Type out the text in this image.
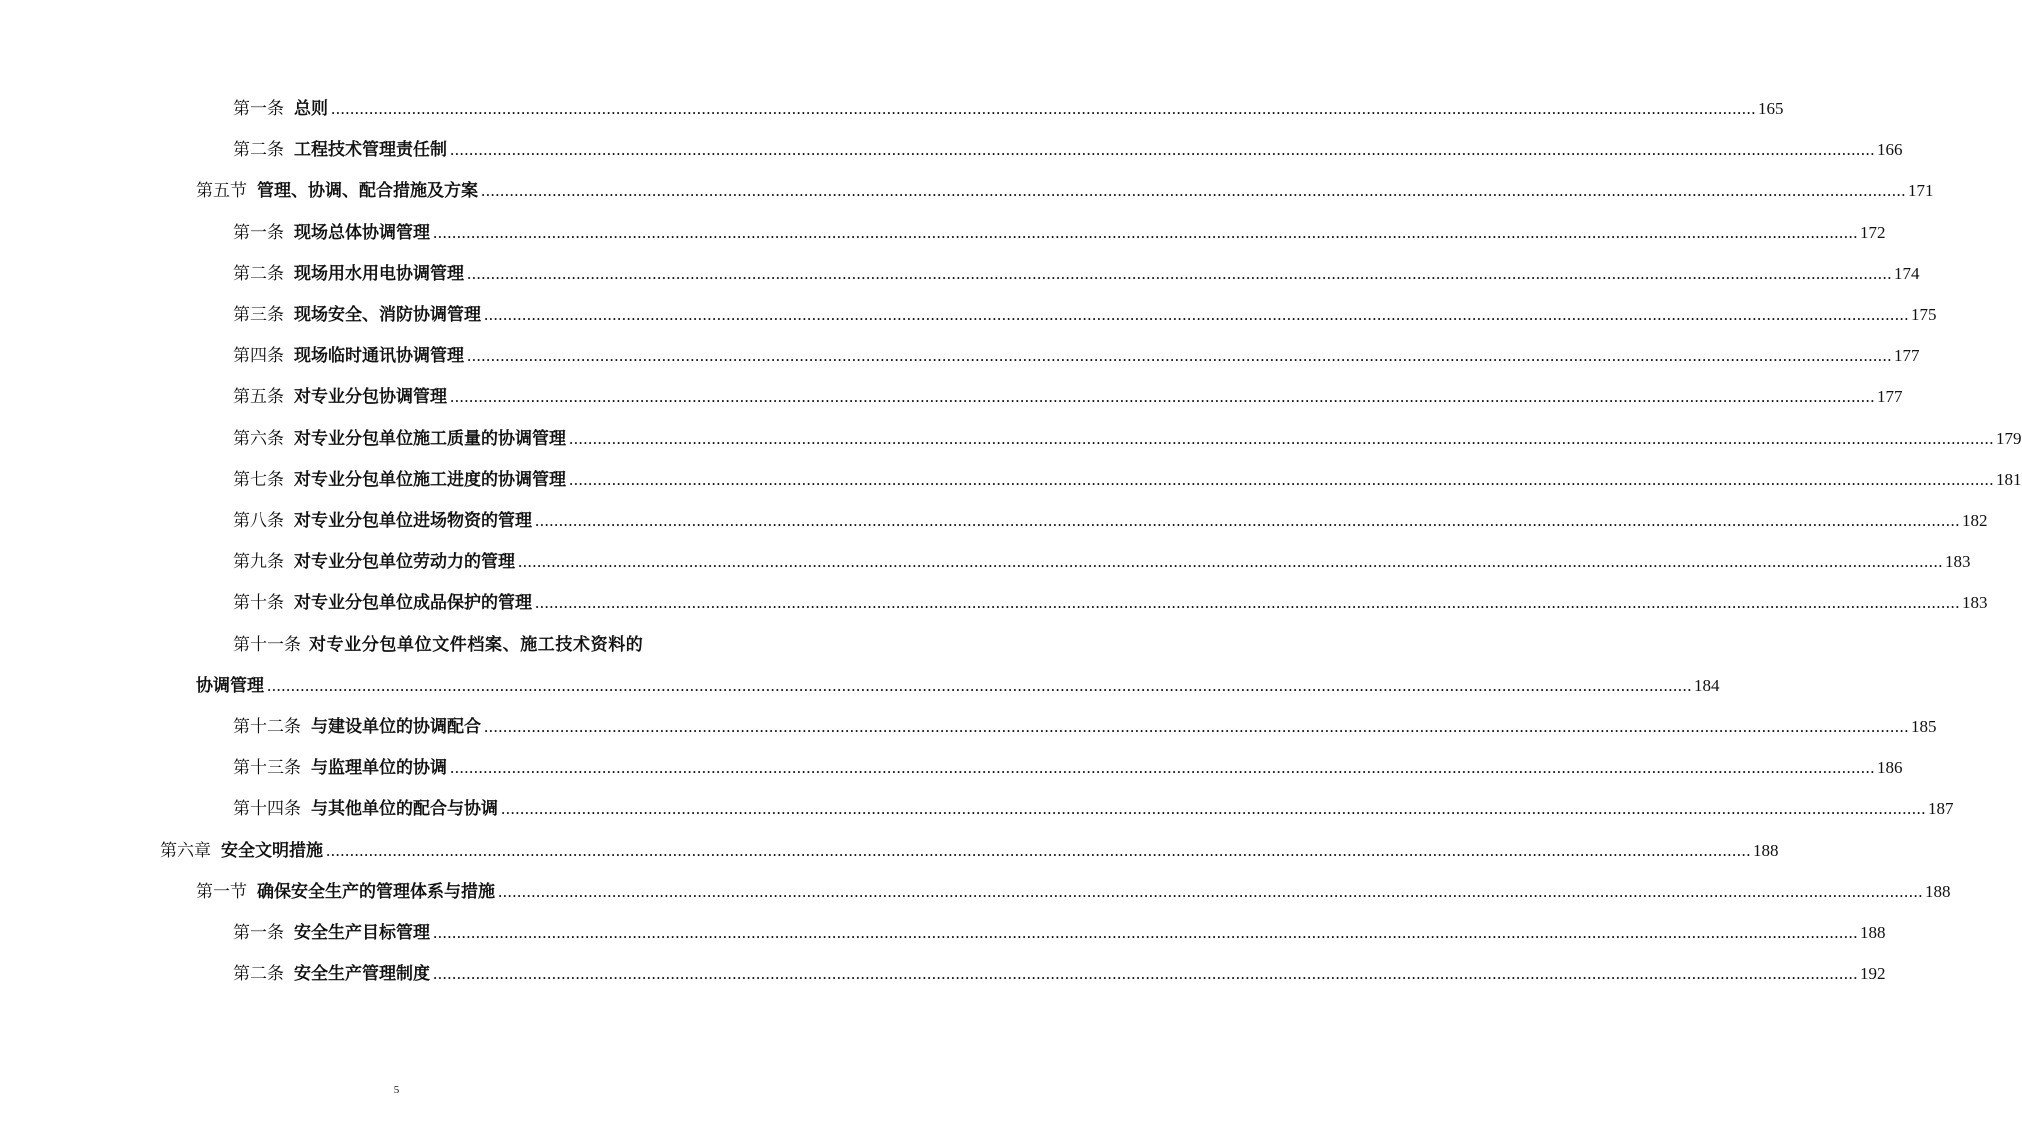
第一条 总则 ............................................................................................................................................................................................................................................................................................................ 165
第二条 工程技术管理责任制 ............................................................................................................................................................................................................................................................................................................ 166
第五节 管理、协调、配合措施及方案 ............................................................................................................................................................................................................................................................................................................ 171
第一条 现场总体协调管理 ............................................................................................................................................................................................................................................................................................................ 172
第二条 现场用水用电协调管理 ............................................................................................................................................................................................................................................................................................................ 174
第三条 现场安全、消防协调管理 ............................................................................................................................................................................................................................................................................................................ 175
第四条 现场临时通讯协调管理 ............................................................................................................................................................................................................................................................................................................ 177
第五条 对专业分包协调管理 ............................................................................................................................................................................................................................................................................................................ 177
第六条 对专业分包单位施工质量的协调管理 ............................................................................................................................................................................................................................................................................................................ 179
第七条 对专业分包单位施工进度的协调管理 ............................................................................................................................................................................................................................................................................................................ 181
第八条 对专业分包单位进场物资的管理 ............................................................................................................................................................................................................................................................................................................ 182
第九条 对专业分包单位劳动力的管理 ............................................................................................................................................................................................................................................................................................................ 183
第十条 对专业分包单位成品保护的管理 ............................................................................................................................................................................................................................................................................................................ 183
第十一条 对专业分包单位文件档案、施工技术资料的
协调管理 ............................................................................................................................................................................................................................................................................................................ 184
第十二条 与建设单位的协调配合 ............................................................................................................................................................................................................................................................................................................ 185
第十三条 与监理单位的协调 ............................................................................................................................................................................................................................................................................................................ 186
第十四条 与其他单位的配合与协调 ............................................................................................................................................................................................................................................................................................................ 187
第六章 安全文明措施 ............................................................................................................................................................................................................................................................................................................ 188
第一节 确保安全生产的管理体系与措施 ............................................................................................................................................................................................................................................................................................................ 188
第一条 安全生产目标管理 ............................................................................................................................................................................................................................................................................................................ 188
第二条 安全生产管理制度 ............................................................................................................................................................................................................................................................................................................ 192
5
